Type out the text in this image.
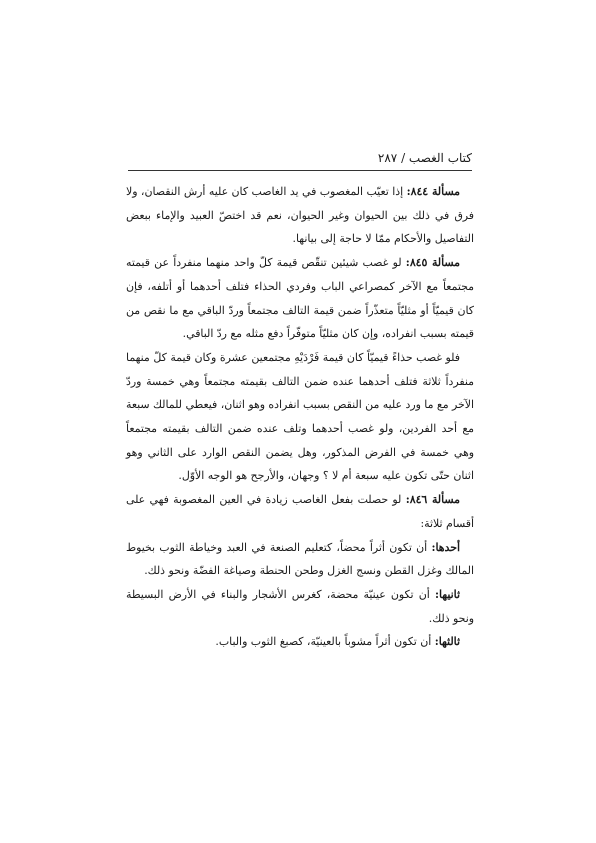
كتاب الغصب / ٢٨٧

مسألة ٨٤٤: إذا تعيّب المغصوب في يد الغاصب كان عليه أرش النقصان، ولا فرق في ذلك بين الحيوان وغير الحيوان، نعم قد اختصّ العبيد والإماء ببعض التفاصيل والأحكام ممّا لا حاجة إلى بيانها.

مسألة ٨٤٥: لو غصب شيئين تنقّص قيمة كلّ واحد منهما منفرداً عن قيمته مجتمعاً مع الآخر كمصراعي الباب وفردي الحذاء فتلف أحدهما أو أتلفه، فإن كان قيميّاً أو مثليّاً متعذّراً ضمن قيمة التالف مجتمعاً وردّ الباقي مع ما نقص من قيمته بسبب انفراده، وإن كان مثليّاً متوفّراً دفع مثله مع ردّ الباقي.

فلو غصب حذاءً قيميّاً كان قيمة فَرْدَيْهِ مجتمعين عشرة وكان قيمة كلّ منهما منفرداً ثلاثة فتلف أحدهما عنده ضمن التالف بقيمته مجتمعاً وهي خمسة وردّ الآخر مع ما ورد عليه من النقص بسبب انفراده وهو اثنان، فيعطي للمالك سبعة مع أحد الفردين، ولو غصب أحدهما وتلف عنده ضمن التالف بقيمته مجتمعاً وهي خمسة في الفرض المذكور، وهل يضمن النقص الوارد على الثاني وهو اثنان حتّى تكون عليه سبعة أم لا ؟ وجهان، والأرجح هو الوجه الأوّل.

مسألة ٨٤٦: لو حصلت بفعل الغاصب زيادة في العين المغصوبة فهي على أقسام ثلاثة:

أحدها: أن تكون أثراً محضاً، كتعليم الصنعة في العبد وخياطة الثوب بخيوط المالك وغزل القطن ونسج الغزل وطحن الحنطة وصياغة الفضّة ونحو ذلك.

ثانيها: أن تكون عينيّة محضة، كغرس الأشجار والبناء في الأرض البسيطة ونحو ذلك.

ثالثها: أن تكون أثراً مشوباً بالعينيّة، كصبغ الثوب والباب.
